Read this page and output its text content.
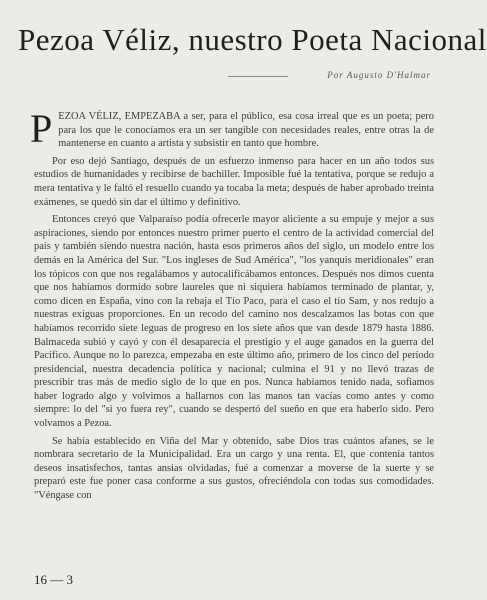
Pezoa Véliz, nuestro Poeta Nacional
Por Augusto D'Halmar

PEZOA VÉLIZ, EMPEZABA a ser, para el público, esa cosa irreal que es un poeta; pero para los que le conocíamos era un ser tangible con necesidades reales, entre otras la de mantenerse en cuanto a artista y subsistir en tanto que hombre.

Por eso dejó Santiago, después de un esfuerzo inmenso para hacer en un año todos sus estudios de humanidades y recibirse de bachiller. Imposible fué la tentativa, porque se redujo a mera tentativa y le faltó el resuello cuando ya tocaba la meta; después de haber aprobado treinta exámenes, se quedó sin dar el último y definitivo.

Entonces creyó que Valparaíso podía ofrecerle mayor aliciente a su empuje y mejor a sus aspiraciones, siendo por entonces nuestro primer puerto el centro de la actividad comercial del país y también siendo nuestra nación, hasta esos primeros años del siglo, un modelo entre los demás en la América del Sur. "Los ingleses de Sud América", "los yanquis meridionales" eran los tópicos con que nos regalábamos y autocalificábamos entonces. Después nos dimos cuenta que nos habíamos dormido sobre laureles que ni siquiera habíamos terminado de plantar, y, como dicen en España, vino con la rebaja el Tío Paco, para el caso el tío Sam, y nos redujo a nuestras exiguas proporciones. En un recodo del camino nos descalzamos las botas con que habíamos recorrido siete leguas de progreso en los siete años que van desde 1879 hasta 1886. Balmaceda subió y cayó y con él desaparecía el prestigio y el auge ganados en la guerra del Pacífico. Aunque no lo parezca, empezaba en este último año, primero de los cinco del período presidencial, nuestra decadencia política y nacional; culmina el 91 y no llevó trazas de prescribir tras más de medio siglo de lo que en pos. Nunca habíamos tenido nada, sofiamos haber logrado algo y volvimos a hallarnos con las manos tan vacías como antes y como siempre: lo del "si yo fuera rey", cuando se despertó del sueño en que era haberlo sido. Pero volvamos a Pezoa.

Se había establecido en Viña del Mar y obtenido, sabe Dios tras cuántos afanes, se le nombrara secretario de la Municipalidad. Era un cargo y una renta. El, que contenía tantos deseos insatisfechos, tantas ansias olvidadas, fué a comenzar a moverse de la suerte y se preparó este fue poner casa conforme a sus gustos, ofreciéndola con todas sus comodidades. "Véngase con

16 — 3
